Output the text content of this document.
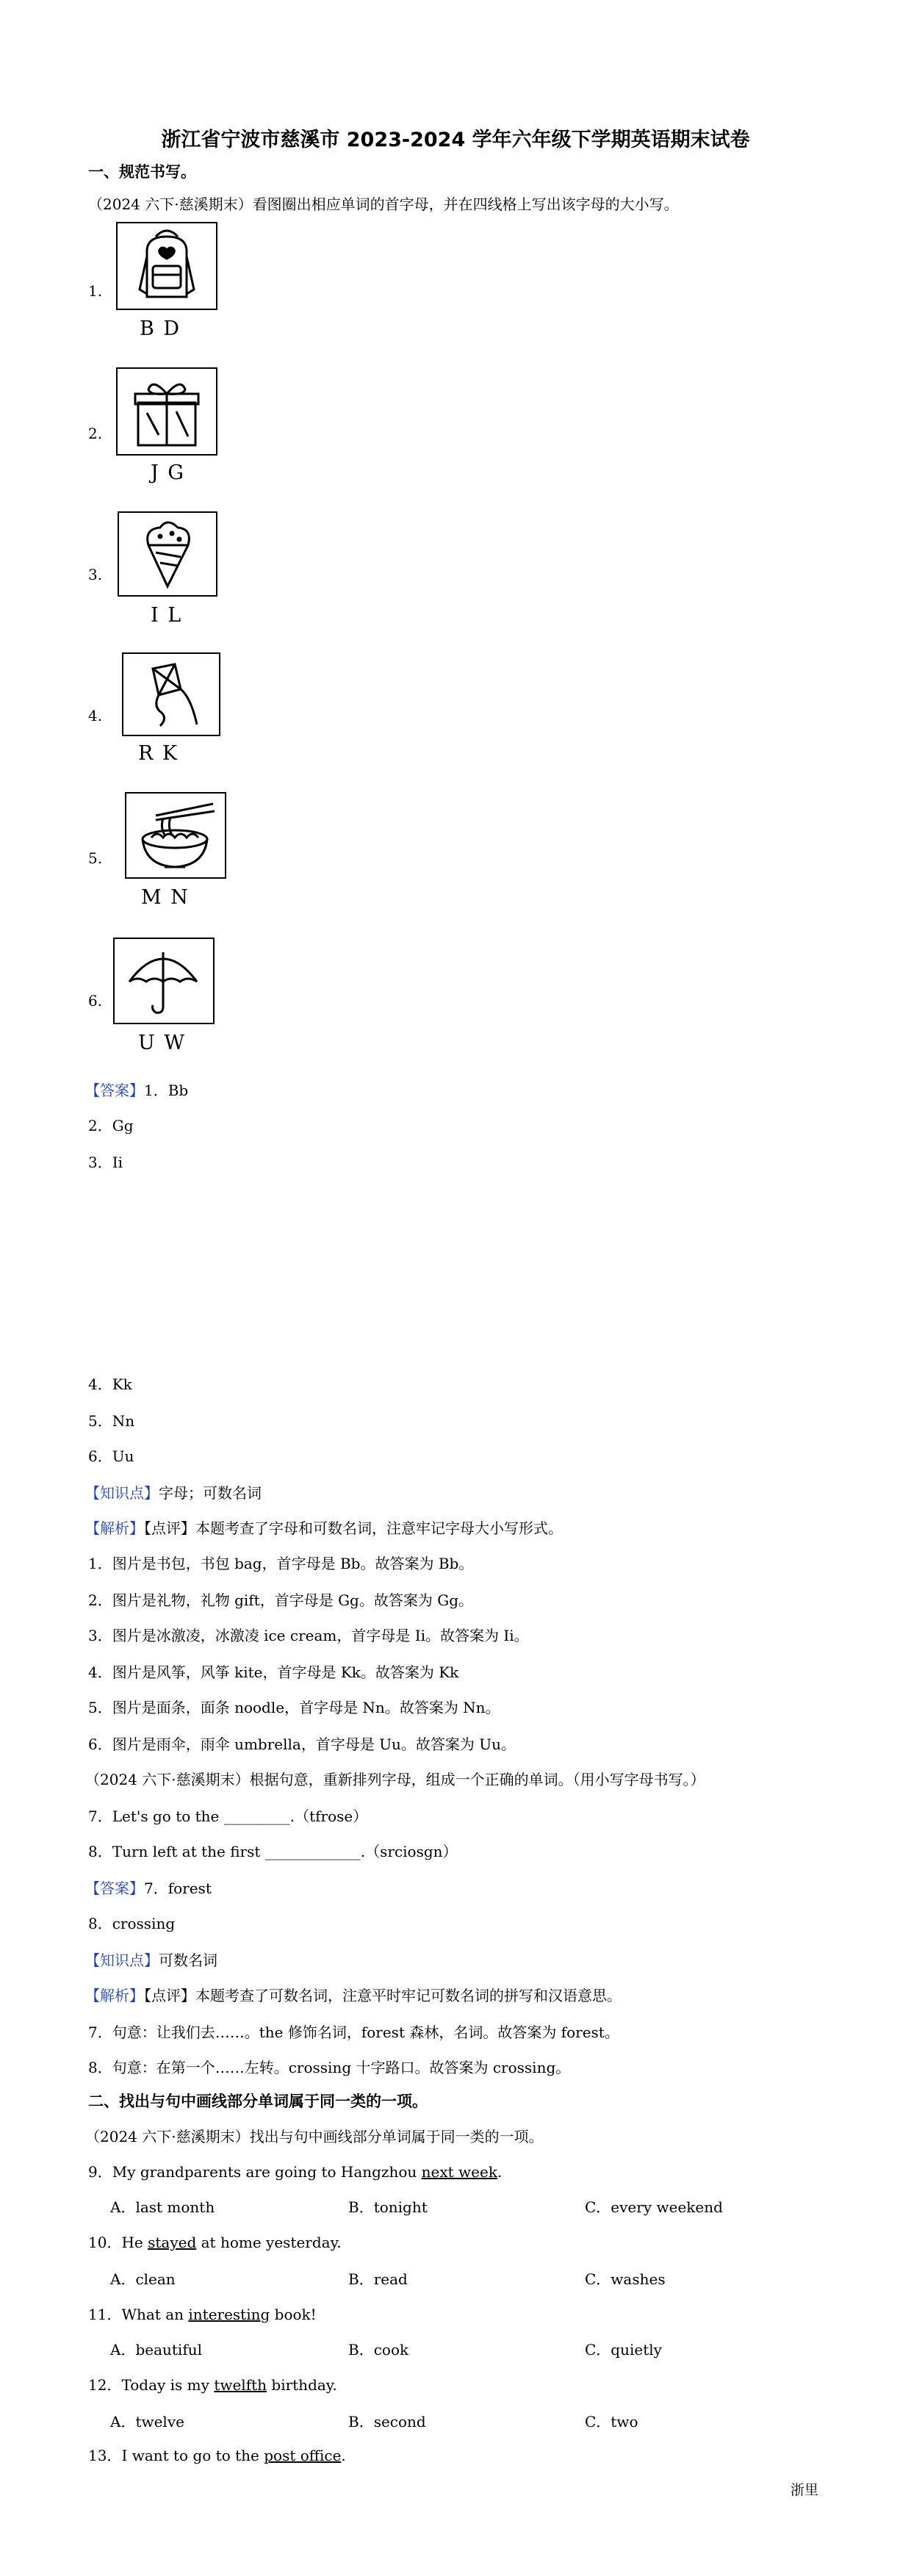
浙江省宁波市慈溪市 2023-2024 学年六年级下学期英语期末试卷
一、规范书写。
（2024 六下·慈溪期末）看图圈出相应单词的首字母，并在四线格上写出该字母的大小写。
1.
B D
2.
J G
3.
I L
4.
R K
5.
M N
6.
U W
【答案】1．Bb
2．Gg
3．Ii
4．Kk
5．Nn
6．Uu
【知识点】字母；可数名词
【解析】【点评】本题考查了字母和可数名词，注意牢记字母大小写形式。
1．图片是书包，书包 bag，首字母是 Bb。故答案为 Bb。
2．图片是礼物，礼物 gift，首字母是 Gg。故答案为 Gg。
3．图片是冰激凌，冰激凌 ice cream，首字母是 Ii。故答案为 Ii。
4．图片是风筝，风筝 kite，首字母是 Kk。故答案为 Kk
5．图片是面条，面条 noodle，首字母是 Nn。故答案为 Nn。
6．图片是雨伞，雨伞 umbrella，首字母是 Uu。故答案为 Uu。
（2024 六下·慈溪期末）根据句意，重新排列字母，组成一个正确的单词。（用小写字母书写。）
7．Let's go to the _________.（tfrose）
8．Turn left at the first _____________.（srciosgn）
【答案】7．forest
8．crossing
【知识点】可数名词
【解析】【点评】本题考查了可数名词，注意平时牢记可数名词的拼写和汉语意思。
7．句意：让我们去……。the 修饰名词，forest 森林，名词。故答案为 forest。
8．句意：在第一个……左转。crossing 十字路口。故答案为 crossing。
二、找出与句中画线部分单词属于同一类的一项。
（2024 六下·慈溪期末）找出与句中画线部分单词属于同一类的一项。
9．My grandparents are going to Hangzhou next week.
A．last month	B．tonight	C．every weekend
10．He stayed at home yesterday.
A．clean	B．read	C．washes
11．What an interesting book!
A．beautiful	B．cook	C．quietly
12．Today is my twelfth birthday.
A．twelve	B．second	C．two
13．I want to go to the post office.
浙里
